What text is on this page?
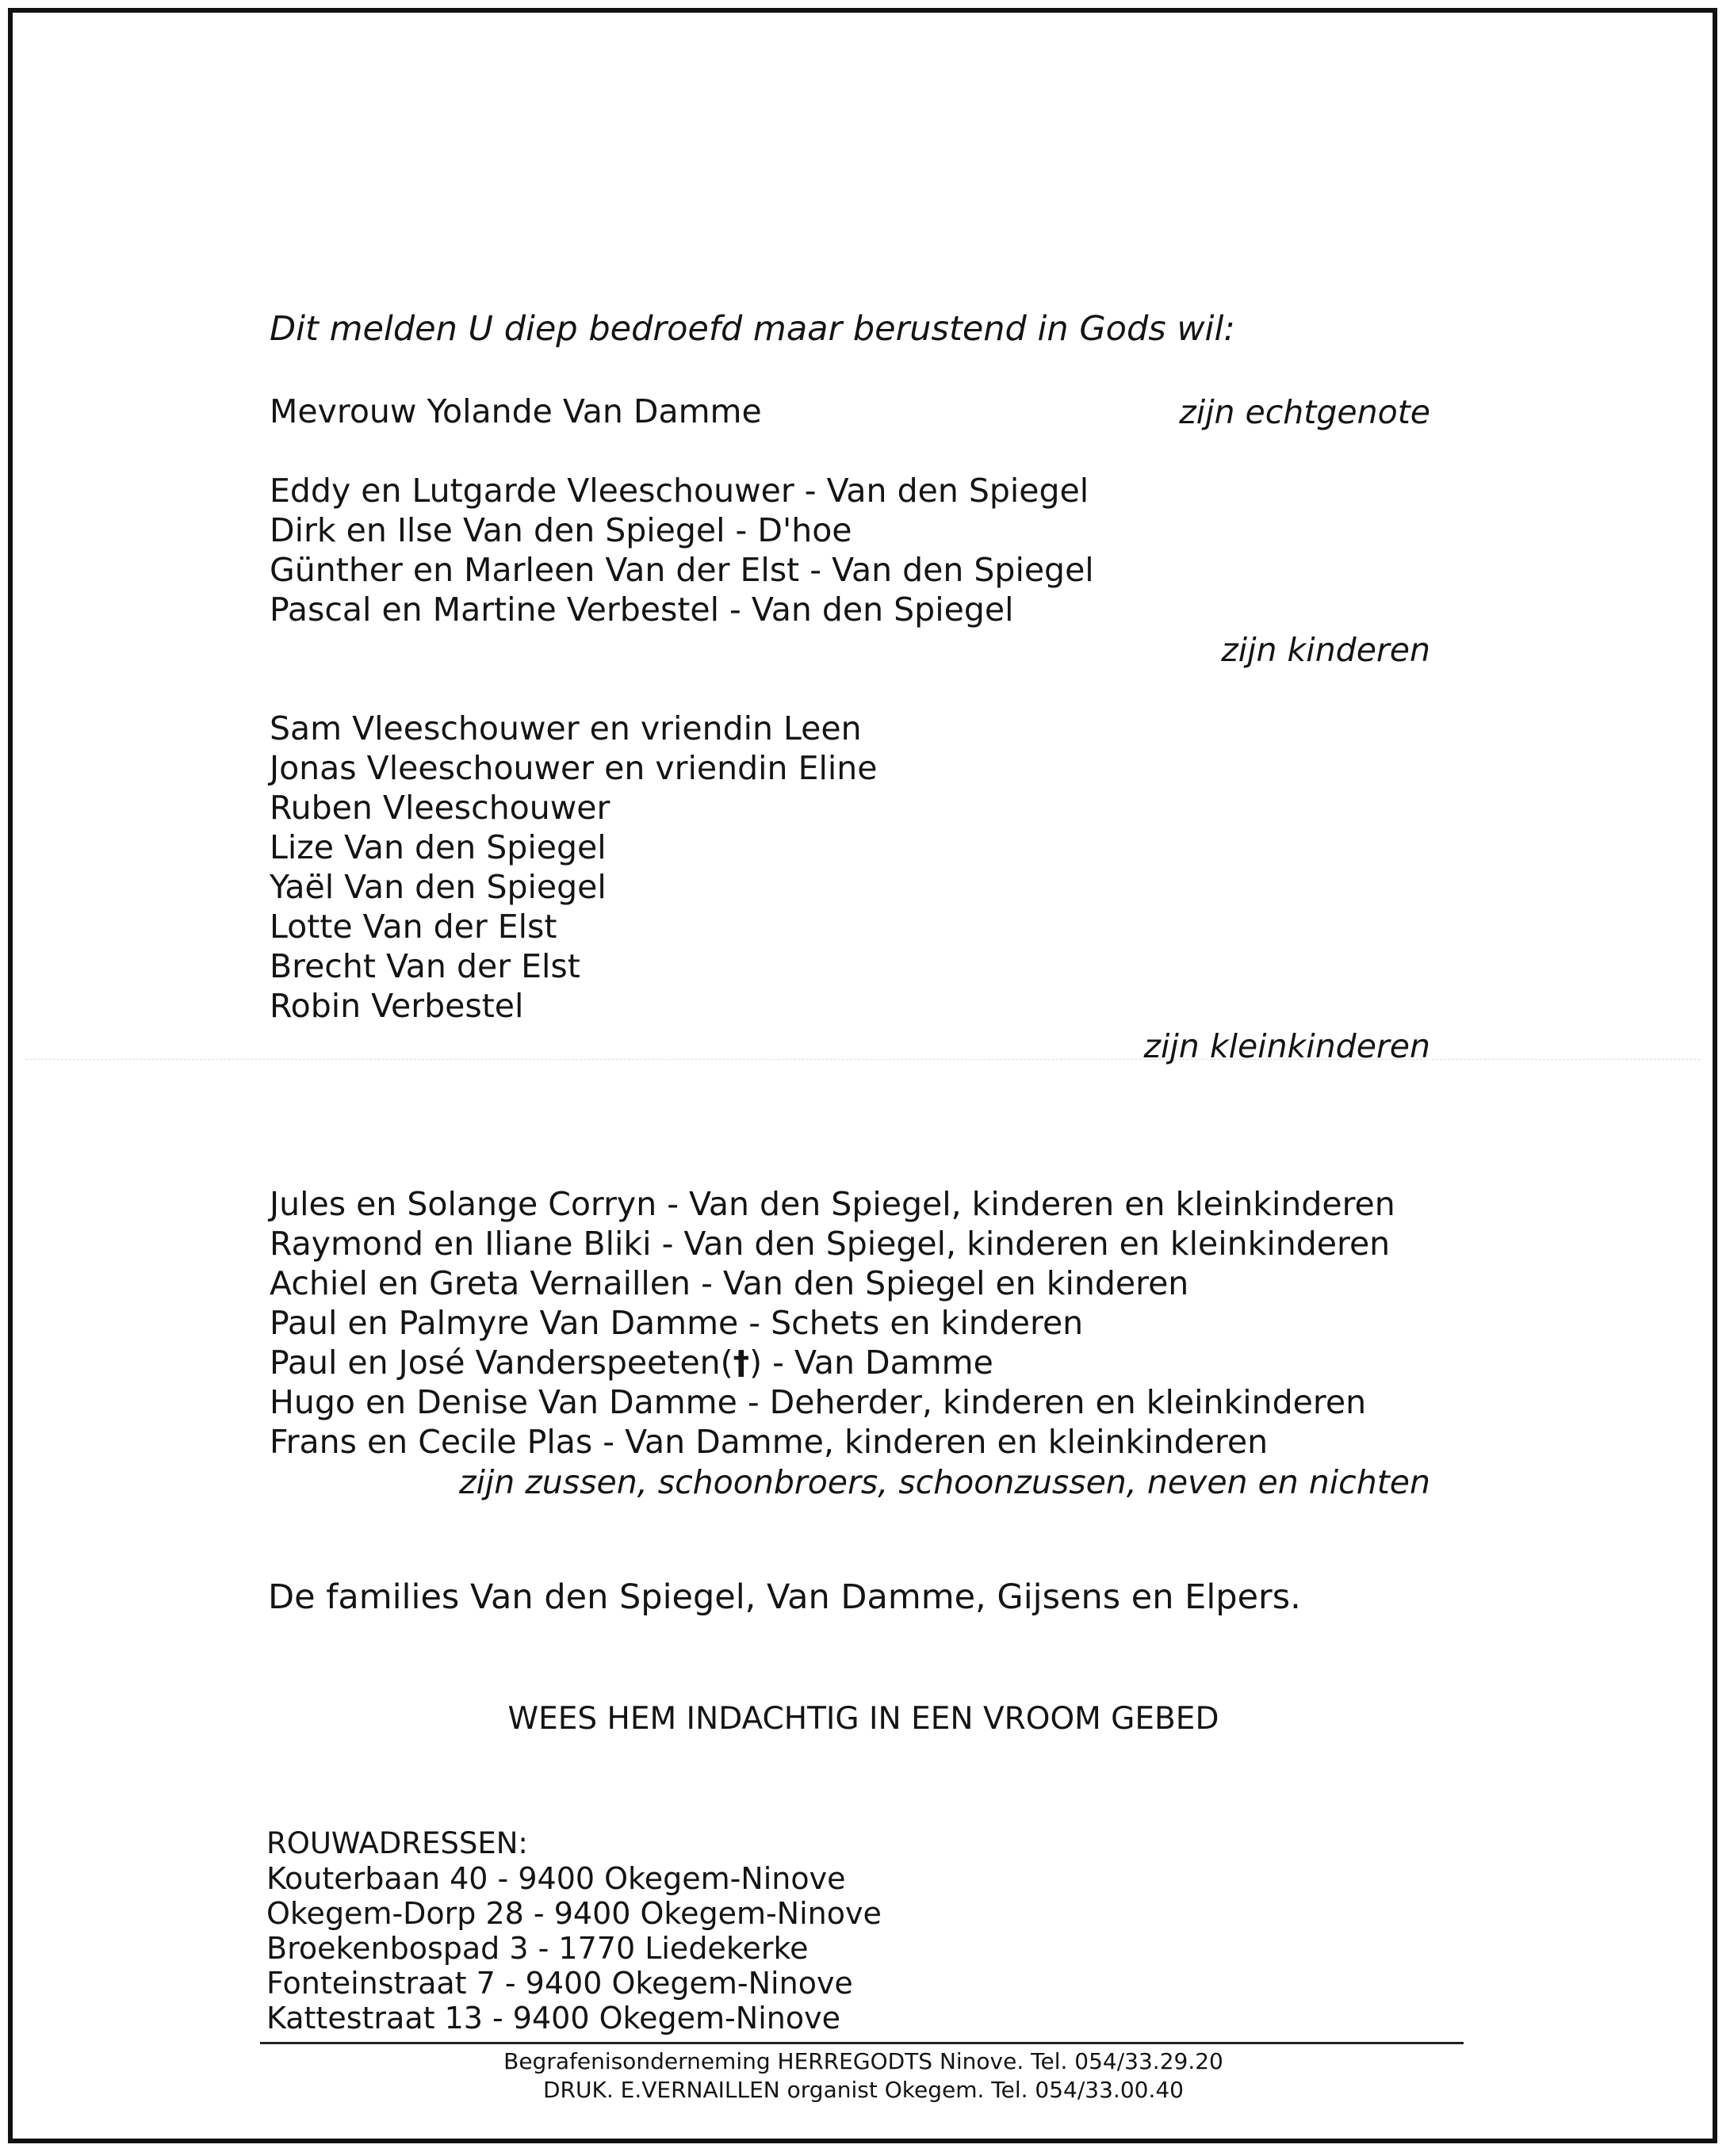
Dit melden U diep bedroefd maar berustend in Gods wil:
Mevrouw Yolande Van Damme	zijn echtgenote
Eddy en Lutgarde Vleeschouwer - Van den Spiegel
Dirk en Ilse Van den Spiegel - D'hoe
Günther en Marleen Van der Elst - Van den Spiegel
Pascal en Martine Verbestel - Van den Spiegel
zijn kinderen
Sam Vleeschouwer en vriendin Leen
Jonas Vleeschouwer en vriendin Eline
Ruben Vleeschouwer
Lize Van den Spiegel
Yaël Van den Spiegel
Lotte Van der Elst
Brecht Van der Elst
Robin Verbestel
zijn kleinkinderen
Jules en Solange Corryn - Van den Spiegel, kinderen en kleinkinderen
Raymond en Iliane Bliki - Van den Spiegel, kinderen en kleinkinderen
Achiel en Greta Vernaillen - Van den Spiegel en kinderen
Paul en Palmyre Van Damme - Schets en kinderen
Paul en José Vanderspeeten(†) - Van Damme
Hugo en Denise Van Damme - Deherder, kinderen en kleinkinderen
Frans en Cecile Plas - Van Damme, kinderen en kleinkinderen
zijn zussen, schoonbroers, schoonzussen, neven en nichten
De families Van den Spiegel, Van Damme, Gijsens en Elpers.
WEES HEM INDACHTIG IN EEN VROOM GEBED
ROUWADRESSEN:
Kouterbaan 40 - 9400 Okegem-Ninove
Okegem-Dorp 28 - 9400 Okegem-Ninove
Broekenbospad 3 - 1770 Liedekerke
Fonteinstraat 7 - 9400 Okegem-Ninove
Kattestraat 13 - 9400 Okegem-Ninove
Begrafenisonderneming HERREGODTS Ninove. Tel. 054/33.29.20
DRUK. E.VERNAILLEN organist Okegem. Tel. 054/33.00.40
